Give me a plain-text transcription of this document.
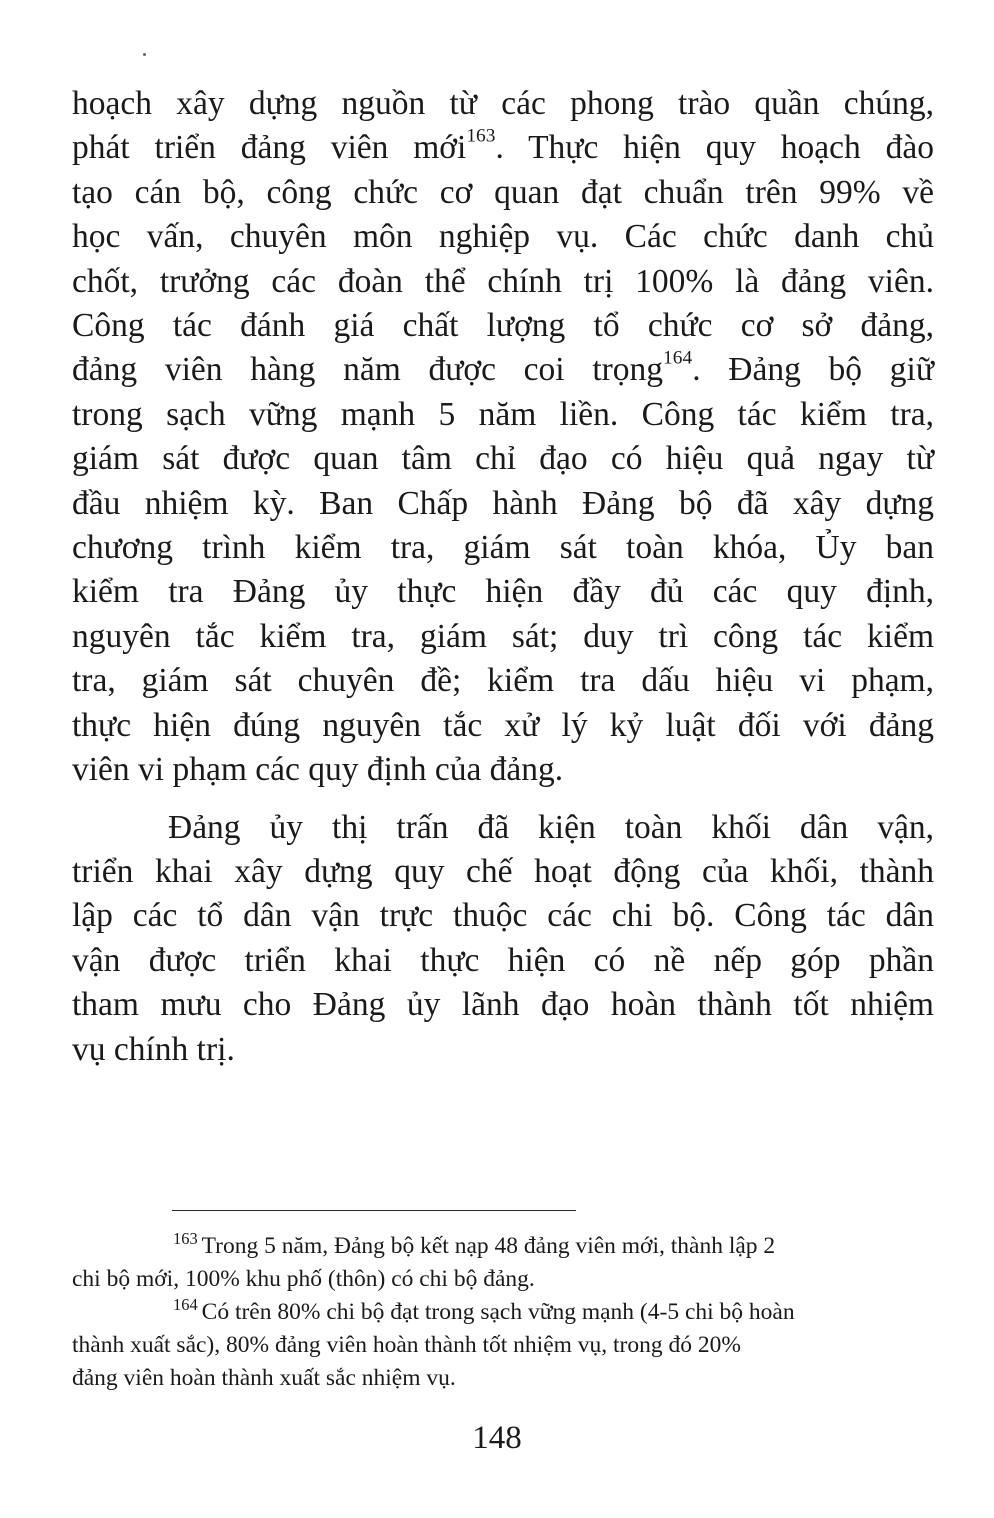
hoạch xây dựng nguồn từ các phong trào quần chúng,
phát triển đảng viên mới$^{163}$. Thực hiện quy hoạch đào
tạo cán bộ, công chức cơ quan đạt chuẩn trên 99% về
học vấn, chuyên môn nghiệp vụ. Các chức danh chủ
chốt, trưởng các đoàn thể chính trị 100% là đảng viên.
Công tác đánh giá chất lượng tổ chức cơ sở đảng,
đảng viên hàng năm được coi trọng$^{164}$. Đảng bộ giữ
trong sạch vững mạnh 5 năm liền. Công tác kiểm tra,
giám sát được quan tâm chỉ đạo có hiệu quả ngay từ
đầu nhiệm kỳ. Ban Chấp hành Đảng bộ đã xây dựng
chương trình kiểm tra, giám sát toàn khóa, Ủy ban
kiểm tra Đảng ủy thực hiện đầy đủ các quy định,
nguyên tắc kiểm tra, giám sát; duy trì công tác kiểm
tra, giám sát chuyên đề; kiểm tra dấu hiệu vi phạm,
thực hiện đúng nguyên tắc xử lý kỷ luật đối với đảng
viên vi phạm các quy định của đảng.

Đảng ủy thị trấn đã kiện toàn khối dân vận,
triển khai xây dựng quy chế hoạt động của khối, thành
lập các tổ dân vận trực thuộc các chi bộ. Công tác dân
vận được triển khai thực hiện có nề nếp góp phần
tham mưu cho Đảng ủy lãnh đạo hoàn thành tốt nhiệm
vụ chính trị.

$^{163}$ Trong 5 năm, Đảng bộ kết nạp 48 đảng viên mới, thành lập 2
chi bộ mới, 100% khu phố (thôn) có chi bộ đảng.
$^{164}$ Có trên 80% chi bộ đạt trong sạch vững mạnh (4-5 chi bộ hoàn
thành xuất sắc), 80% đảng viên hoàn thành tốt nhiệm vụ, trong đó 20%
đảng viên hoàn thành xuất sắc nhiệm vụ.
148
